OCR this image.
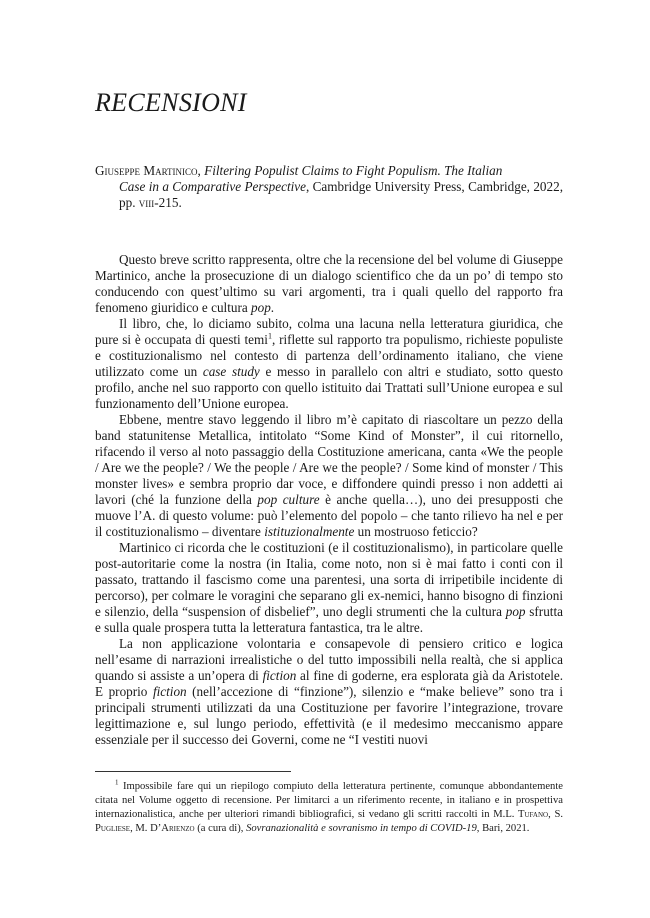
RECENSIONI
Giuseppe Martinico, Filtering Populist Claims to Fight Populism. The Italian
Case in a Comparative Perspective, Cambridge University Press, Cambridge, 2022, pp. viii-215.

Questo breve scritto rappresenta, oltre che la recensione del bel volume di Giuseppe Martinico, anche la prosecuzione di un dialogo scientifico che da un po’ di tempo sto conducendo con quest’ultimo su vari argomenti, tra i quali quello del rapporto fra fenomeno giuridico e cultura pop.

Il libro, che, lo diciamo subito, colma una lacuna nella letteratura giuridica, che pure si è occupata di questi temi$^1$, riflette sul rapporto tra populismo, richieste populiste e costituzionalismo nel contesto di partenza dell’ordinamento italiano, che viene utilizzato come un case study e messo in parallelo con altri e studiato, sotto questo profilo, anche nel suo rapporto con quello istituito dai Trattati sull’Unione europea e sul funzionamento dell’Unione europea.

Ebbene, mentre stavo leggendo il libro m’è capitato di riascoltare un pezzo della band statunitense Metallica, intitolato “Some Kind of Monster”, il cui ritornello, rifacendo il verso al noto passaggio della Costituzione americana, canta «We the people / Are we the people? / We the people / Are we the people? / Some kind of monster / This monster lives» e sembra proprio dar voce, e diffondere quindi presso i non addetti ai lavori (ché la funzione della pop culture è anche quella…), uno dei presupposti che muove l’A. di questo volume: può l’elemento del popolo – che tanto rilievo ha nel e per il costituzionalismo – diventare istituzionalmente un mostruoso feticcio?

Martinico ci ricorda che le costituzioni (e il costituzionalismo), in particolare quelle post-autoritarie come la nostra (in Italia, come noto, non si è mai fatto i conti con il passato, trattando il fascismo come una parentesi, una sorta di irripetibile incidente di percorso), per colmare le voragini che separano gli ex-nemici, hanno bisogno di finzioni e silenzio, della “suspension of disbelief”, uno degli strumenti che la cultura pop sfrutta e sulla quale prospera tutta la letteratura fantastica, tra le altre.

La non applicazione volontaria e consapevole di pensiero critico e logica nell’esame di narrazioni irrealistiche o del tutto impossibili nella realtà, che si applica quando si assiste a un’opera di fiction al fine di goderne, era esplorata già da Aristotele. E proprio fiction (nell’accezione di “finzione”), silenzio e “make believe” sono tra i principali strumenti utilizzati da una Costituzione per favorire l’integrazione, trovare legittimazione e, sul lungo periodo, effettività (e il medesimo meccanismo appare essenziale per il successo dei Governi, come ne “I vestiti nuovi

$^1$ Impossibile fare qui un riepilogo compiuto della letteratura pertinente, comunque abbondantemente citata nel Volume oggetto di recensione. Per limitarci a un riferimento recente, in italiano e in prospettiva internazionalistica, anche per ulteriori rimandi bibliografici, si vedano gli scritti raccolti in M.L. Tufano, S. Pugliese, M. D’Arienzo (a cura di), Sovranazionalità e sovranismo in tempo di COVID-19, Bari, 2021.
